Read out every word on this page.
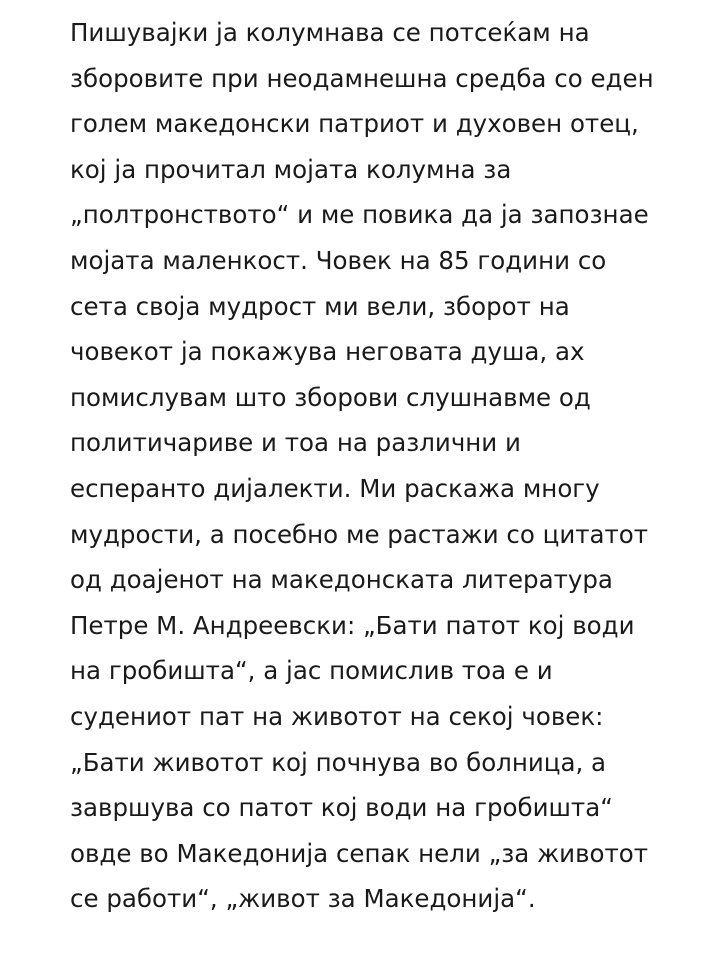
Пишувајки ја колумнава се потсеќам на
зборовите при неодамнешна средба со еден
голем македонски патриот и духовен отец,
кој ја прочитал мојата колумна за
„полтронството“ и ме повика да ја запознае
мојата маленкост. Човек на 85 години со
сета своја мудрост ми вели, зборот на
човекот ја покажува неговата душа, ах
помислувам што зборови слушнавме од
политичариве и тоа на различни и
есперанто дијалекти. Ми раскажа многу
мудрости, а посебно ме растажи со цитатот
од доајенот на македонската литература
Петре М. Андреевски: „Бати патот кој води
на гробишта“, а јас помислив тоа е и
судениот пат на животот на секој човек:
„Бати животот кој почнува во болница, а
завршува со патот кој води на гробишта“
овде во Македонија сепак нели „за животот
се работи“, „живот за Македонија“.
